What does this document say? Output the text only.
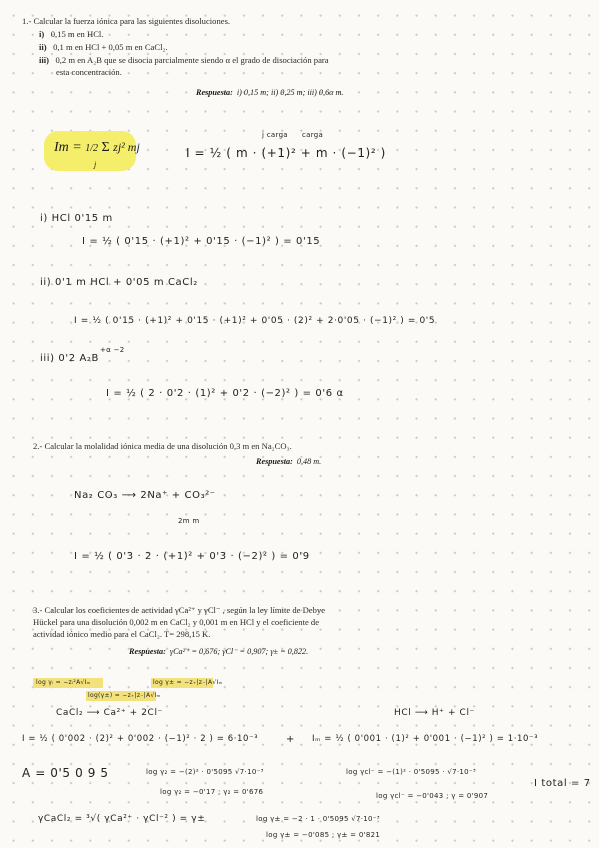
1.- Calcular la fuerza iónica para las siguientes disoluciones.
i) 0,15 m en HCl.
ii) 0,1 m en HCl + 0,05 m en CaCl₂.
iii) 0,2 m en A₂B que se disocia parcialmente siendo α el grado de disociación para
esta concentración.
Respuesta: i) 0,15 m; ii) 0,25 m; iii) 0,6α m.
Im = 1/2 Σ zj² mj
j
j carga carga
I = ½ ( m · (+1)² + m · (−1)² )
i) HCl 0'15 m
I = ½ ( 0'15 · (+1)² + 0'15 · (−1)² ) = 0'15
ii) 0'1 m HCl + 0'05 m CaCl₂
I = ½ ( 0'15 · (+1)² + 0'15 · (+1)² + 0'05 · (2)² + 2·0'05 · (−1)² ) = 0'5
+α −2
iii) 0'2 A₂B
I = ½ ( 2 · 0'2 · (1)² + 0'2 · (−2)² ) = 0'6 α
2.- Calcular la molalidad iónica media de una disolución 0,3 m en Na₂CO₃.
Respuesta: 0,48 m.
Na₂ CO₃ ⟶ 2Na⁺ + CO₃²⁻
2m m
I = ½ ( 0'3 · 2 · (+1)² + 0'3 · (−2)² ) = 0'9
3.- Calcular los coeficientes de actividad γCa²⁺ y γCl⁻ , según la ley límite de Debye
Hückel para una disolución 0,002 m en CaCl₂ y 0,001 m en HCl y el coeficiente de
actividad iónico medio para el CaCl₂. T= 298,15 K.
Respuesta: γCa²⁺ = 0,676; γCl⁻ = 0,907; γ± = 0,822.
log γᵢ = −zᵢ²A√Iₘ	log γ± = −z₊|z₋|A√Iₘ
log(γ±) = −z₊|z₋|A√Iₘ
CaCl₂ ⟶ Ca²⁺ + 2Cl⁻	HCl ⟶ H⁺ + Cl⁻
I = ½ ( 0'002 · (2)² + 0'002 · (−1)² · 2 ) = 6·10⁻³	+ Iₘ = ½ ( 0'001 · (1)² + 0'001 · (−1)² ) = 1·10⁻³
A = 0'5 0 9 5	log γ₂ = −(2)² · 0'5095 √7·10⁻³	log γcl⁻ = −(1)² · 0'5095 · √7·10⁻³
I total = 7
log γ₂ = −0'17 ; γ₂ = 0'676	log γcl⁻ = −0'043 ; γ = 0'907
γCaCl₂ = ³√( γCa²⁺ · γCl⁻² ) = γ±	log γ± = −2 · 1 · 0'5095 √7·10⁻³
log γ± = −0'085 ; γ± = 0'821
